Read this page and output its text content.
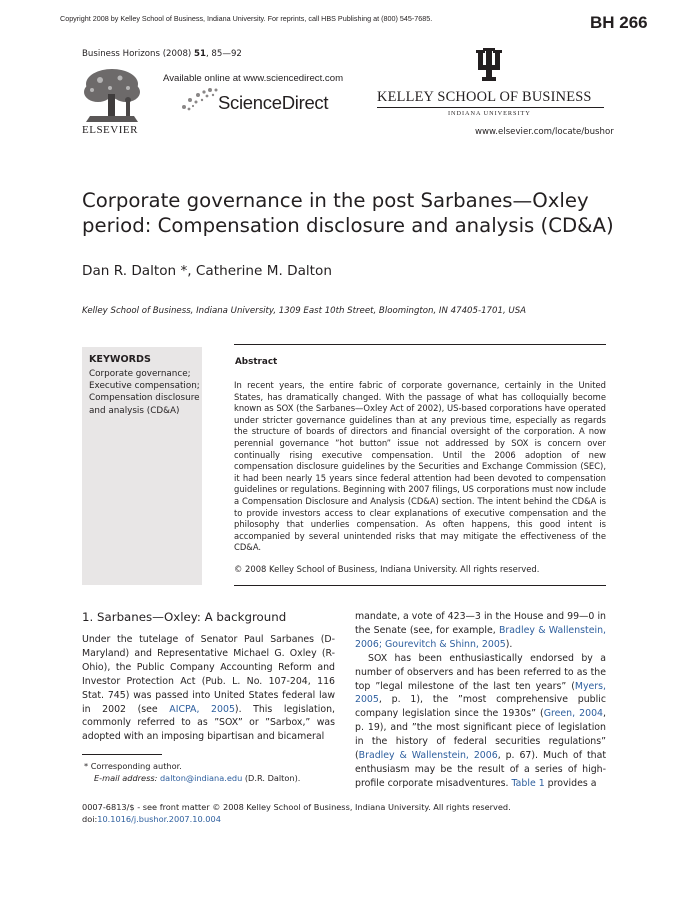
Copyright 2008 by Kelley School of Business, Indiana University. For reprints, call HBS Publishing at (800) 545-7685.	BH 266
Business Horizons (2008) 51, 85—92
ELSEVIER
Available online at www.sciencedirect.com
ScienceDirect	KELLEY SCHOOL OF BUSINESS
INDIANA UNIVERSITY
www.elsevier.com/locate/bushor
Corporate governance in the post Sarbanes—Oxley period: Compensation disclosure and analysis (CD&A)
Dan R. Dalton *, Catherine M. Dalton
Kelley School of Business, Indiana University, 1309 East 10th Street, Bloomington, IN 47405-1701, USA
KEYWORDS
Corporate governance;
Executive compensation;
Compensation disclosure
and analysis (CD&A)
Abstract
In recent years, the entire fabric of corporate governance, certainly in the United States, has dramatically changed. With the passage of what has colloquially become known as SOX (the Sarbanes—Oxley Act of 2002), US-based corporations have operated under stricter governance guidelines than at any previous time, especially as regards the structure of boards of directors and financial oversight of the corporation. A now perennial governance ”hot button” issue not addressed by SOX is concern over continually rising executive compensation. Until the 2006 adoption of new compensation disclosure guidelines by the Securities and Exchange Commission (SEC), it had been nearly 15 years since federal attention had been devoted to compensation guidelines or regulations. Beginning with 2007 filings, US corporations must now include a Compensation Disclosure and Analysis (CD&A) section. The intent behind the CD&A is to provide investors access to clear explanations of executive compensation and the philosophy that underlies compensation. As often happens, this good intent is accompanied by several unintended risks that may mitigate the effectiveness of the CD&A.
© 2008 Kelley School of Business, Indiana University. All rights reserved.
1. Sarbanes—Oxley: A background
Under the tutelage of Senator Paul Sarbanes (D-Maryland) and Representative Michael G. Oxley (R-Ohio), the Public Company Accounting Reform and Investor Protection Act (Pub. L. No. 107-204, 116 Stat. 745) was passed into United States federal law in 2002 (see AICPA, 2005). This legislation, commonly referred to as ”SOX” or ”Sarbox,” was adopted with an imposing bipartisan and bicameral
mandate, a vote of 423—3 in the House and 99—0 in the Senate (see, for example, Bradley & Wallenstein, 2006; Gourevitch & Shinn, 2005).
SOX has been enthusiastically endorsed by a number of observers and has been referred to as the top ”legal milestone of the last ten years” (Myers, 2005, p. 1), the ”most comprehensive public company legislation since the 1930s” (Green, 2004, p. 19), and ”the most significant piece of legislation in the history of federal securities regulations” (Bradley & Wallenstein, 2006, p. 67). Much of that enthusiasm may be the result of a series of high-profile corporate misadventures. Table 1 provides a
* Corresponding author.
E-mail address: dalton@indiana.edu (D.R. Dalton).
0007-6813/$ - see front matter © 2008 Kelley School of Business, Indiana University. All rights reserved.
doi:10.1016/j.bushor.2007.10.004
